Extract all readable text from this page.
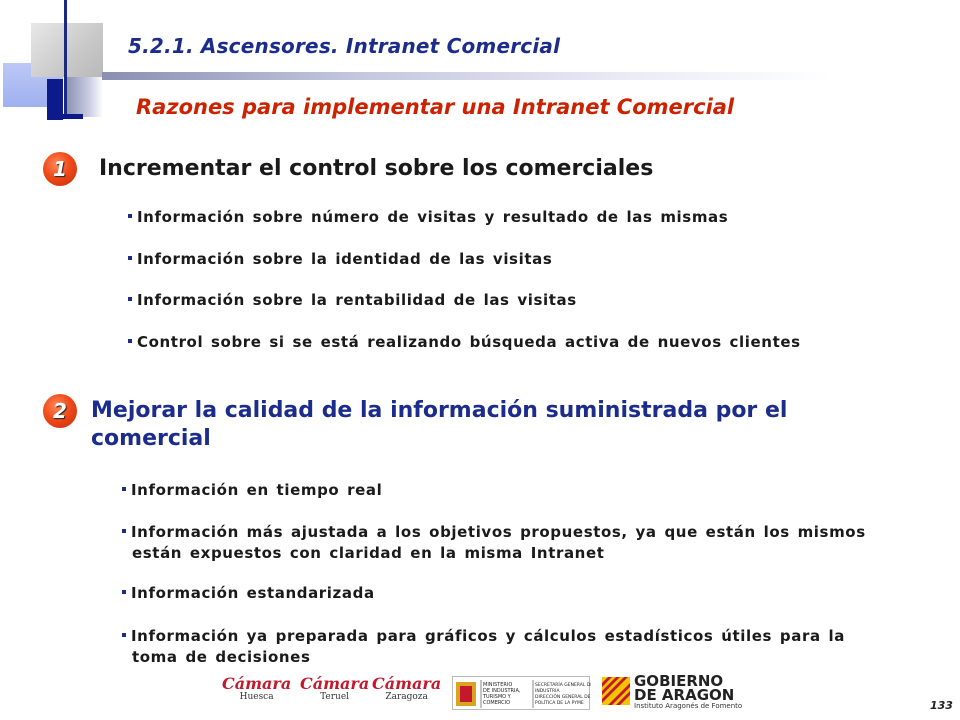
5.2.1. Ascensores. Intranet Comercial
Razones para implementar una Intranet Comercial
1	Incrementar el control sobre los comerciales
Información sobre número de visitas y resultado de las mismas
Información sobre la identidad de las visitas
Información sobre la rentabilidad de las visitas
Control sobre si se está realizando búsqueda activa de nuevos clientes
2	Mejorar la calidad de la información suministrada por el comercial
Información en tiempo real
Información más ajustada a los objetivos propuestos, ya que están los mismos
están expuestos con claridad en la misma Intranet
Información estandarizada
Información ya preparada para gráficos y cálculos estadísticos útiles para la
toma de decisiones
Cámara
Huesca
Cámara
Teruel
Cámara
Zaragoza
MINISTERIO
DE INDUSTRIA,
TURISMO Y
COMERCIO
SECRETARÍA GENERAL DE
INDUSTRIA
DIRECCIÓN GENERAL DE
POLÍTICA DE LA PYME
GOBIERNO
DE ARAGON
Instituto Aragonés de Fomento	133
